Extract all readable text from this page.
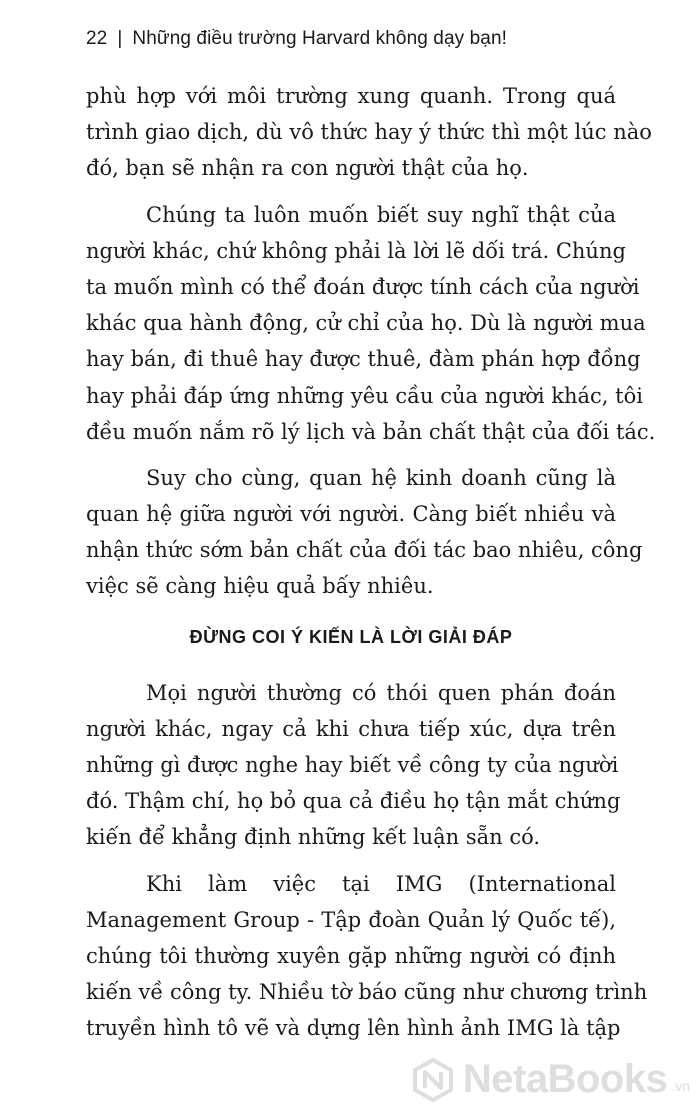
22 | Những điều trường Harvard không dạy bạn!
phù hợp với môi trường xung quanh. Trong quá
trình giao dịch, dù vô thức hay ý thức thì một lúc nào
đó, bạn sẽ nhận ra con người thật của họ.
Chúng ta luôn muốn biết suy nghĩ thật của
người khác, chứ không phải là lời lẽ dối trá. Chúng
ta muốn mình có thể đoán được tính cách của người
khác qua hành động, cử chỉ của họ. Dù là người mua
hay bán, đi thuê hay được thuê, đàm phán hợp đồng
hay phải đáp ứng những yêu cầu của người khác, tôi
đều muốn nắm rõ lý lịch và bản chất thật của đối tác.
Suy cho cùng, quan hệ kinh doanh cũng là
quan hệ giữa người với người. Càng biết nhiều và
nhận thức sớm bản chất của đối tác bao nhiêu, công
việc sẽ càng hiệu quả bấy nhiêu.
ĐỪNG COI Ý KIẾN LÀ LỜI GIẢI ĐÁP
Mọi người thường có thói quen phán đoán
người khác, ngay cả khi chưa tiếp xúc, dựa trên
những gì được nghe hay biết về công ty của người
đó. Thậm chí, họ bỏ qua cả điều họ tận mắt chứng
kiến để khẳng định những kết luận sẵn có.
Khi làm việc tại IMG (International
Management Group - Tập đoàn Quản lý Quốc tế),
chúng tôi thường xuyên gặp những người có định
kiến về công ty. Nhiều tờ báo cũng như chương trình
truyền hình tô vẽ và dựng lên hình ảnh IMG là tập
NetaBooks .vn
